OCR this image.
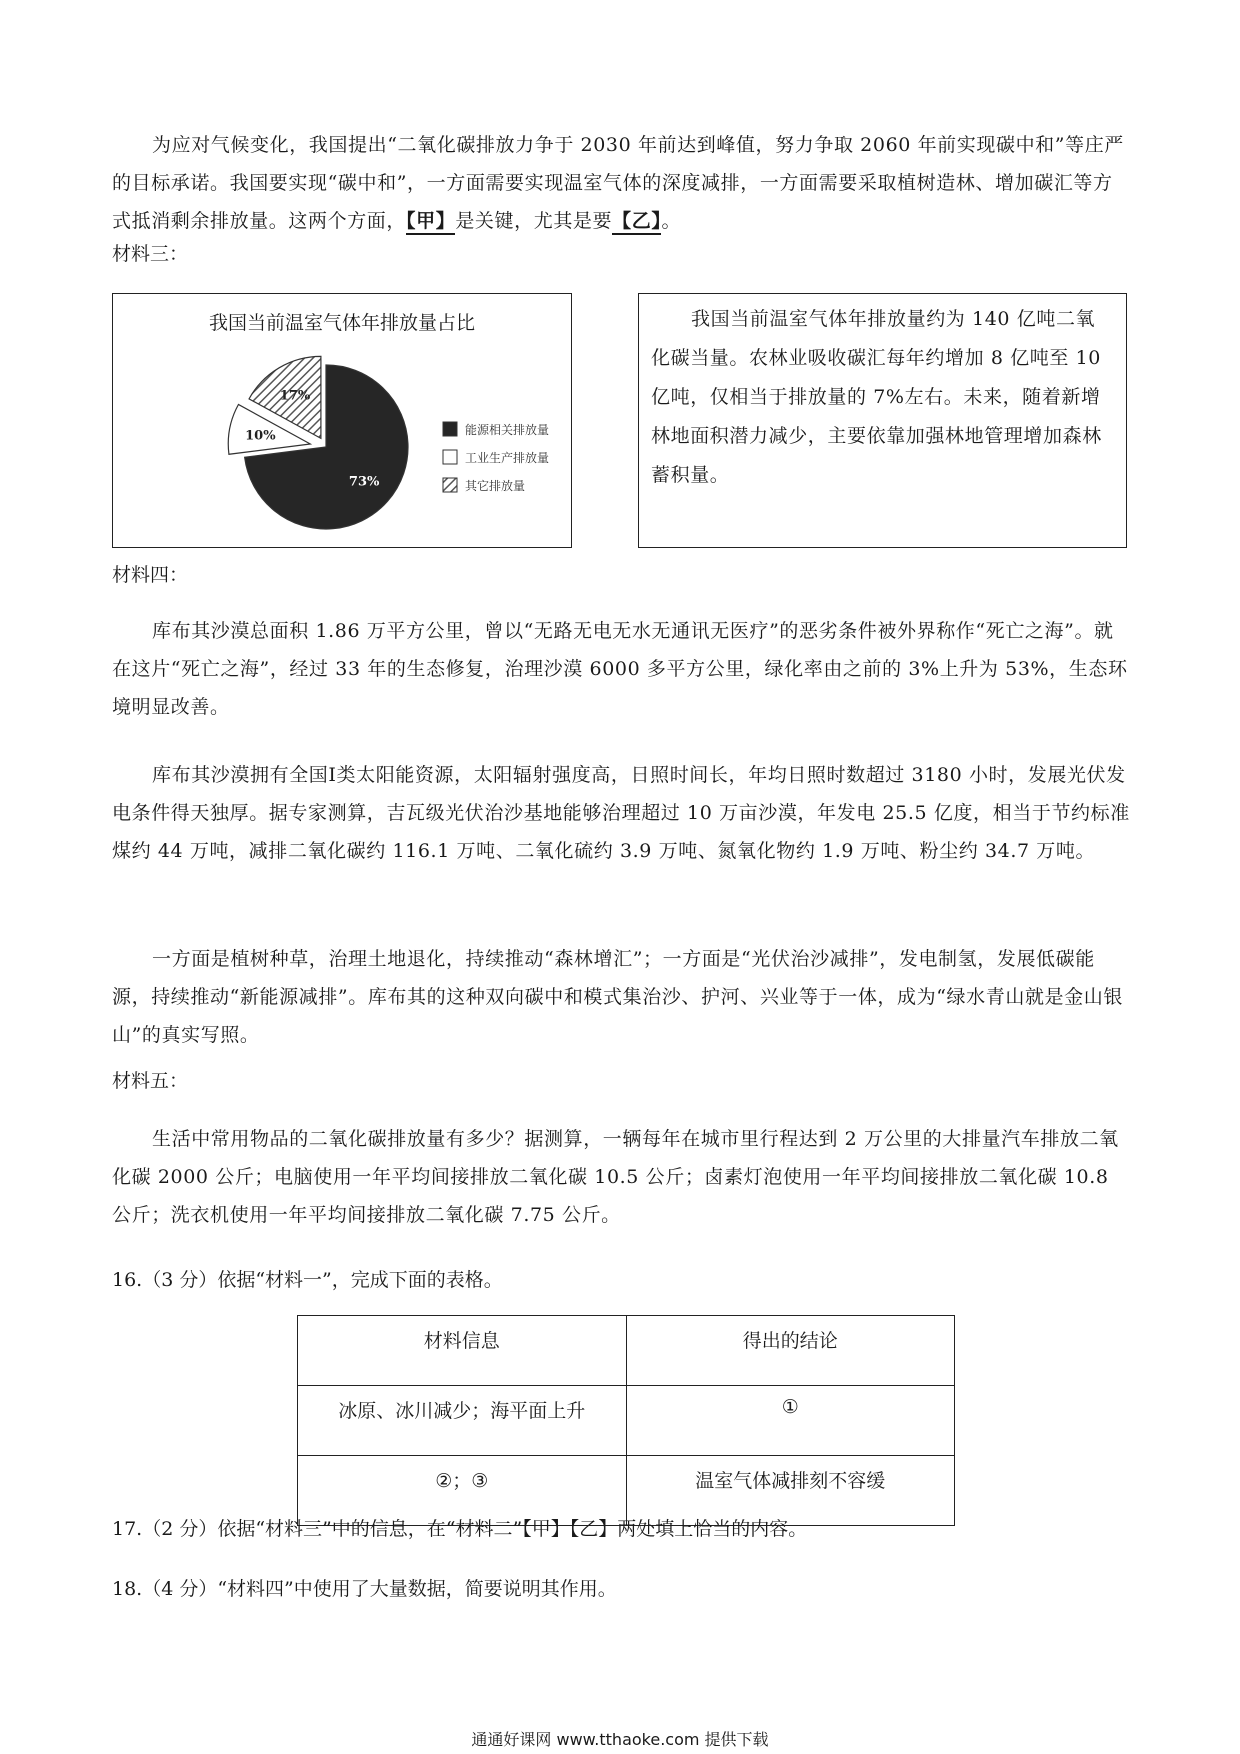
为应对气候变化，我国提出“二氧化碳排放力争于 2030 年前达到峰值，努力争取 2060 年前实现碳中和”等庄严的目标承诺。我国要实现“碳中和”，一方面需要实现温室气体的深度减排，一方面需要采取植树造林、增加碳汇等方式抵消剩余排放量。这两个方面，【甲】是关键，尤其是要【乙】。

材料三：

我国当前温室气体年排放量占比
73%
10%
17%
能源相关排放量
工业生产排放量
其它排放量

我国当前温室气体年排放量约为 140 亿吨二氧化碳当量。农林业吸收碳汇每年约增加 8 亿吨至 10 亿吨，仅相当于排放量的 7%左右。未来，随着新增林地面积潜力减少，主要依靠加强林地管理增加森林蓄积量。

材料四：

库布其沙漠总面积 1.86 万平方公里，曾以“无路无电无水无通讯无医疗”的恶劣条件被外界称作“死亡之海”。就在这片“死亡之海”，经过 33 年的生态修复，治理沙漠 6000 多平方公里，绿化率由之前的 3%上升为 53%，生态环境明显改善。

库布其沙漠拥有全国Ⅰ类太阳能资源，太阳辐射强度高，日照时间长，年均日照时数超过 3180 小时，发展光伏发电条件得天独厚。据专家测算，吉瓦级光伏治沙基地能够治理超过 10 万亩沙漠，年发电 25.5 亿度，相当于节约标准煤约 44 万吨，减排二氧化碳约 116.1 万吨、二氧化硫约 3.9 万吨、氮氧化物约 1.9 万吨、粉尘约 34.7 万吨。

一方面是植树种草，治理土地退化，持续推动“森林增汇”；一方面是“光伏治沙减排”，发电制氢，发展低碳能源，持续推动“新能源减排”。库布其的这种双向碳中和模式集治沙、护河、兴业等于一体，成为“绿水青山就是金山银山”的真实写照。

材料五：

生活中常用物品的二氧化碳排放量有多少？据测算，一辆每年在城市里行程达到 2 万公里的大排量汽车排放二氧化碳 2000 公斤；电脑使用一年平均间接排放二氧化碳 10.5 公斤；卤素灯泡使用一年平均间接排放二氧化碳 10.8 公斤；洗衣机使用一年平均间接排放二氧化碳 7.75 公斤。

16.（3 分）依据“材料一”，完成下面的表格。

材料信息	得出的结论
冰原、冰川减少；海平面上升	①
②；③	温室气体减排刻不容缓

17.（2 分）依据“材料三”中的信息，在“材料二”【甲】【乙】两处填上恰当的内容。

18.（4 分）“材料四”中使用了大量数据，简要说明其作用。

通通好课网 www.tthaoke.com 提供下载
